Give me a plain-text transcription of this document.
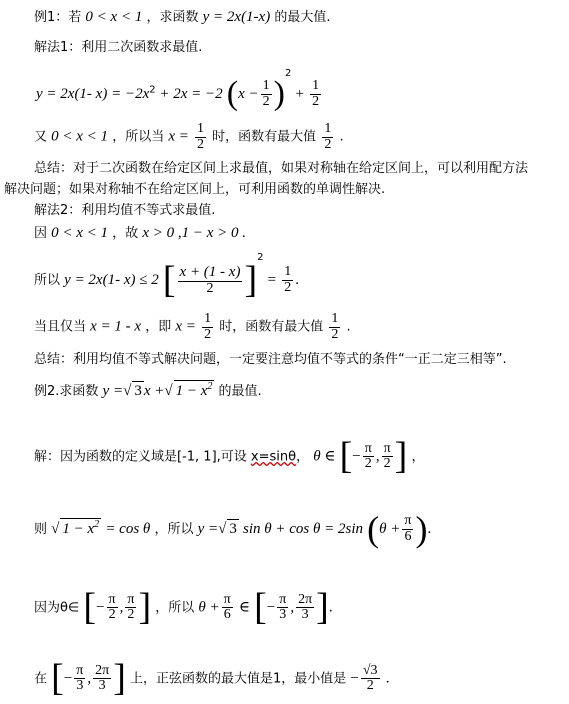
例1：若 0 < x < 1 ，求函数 y = 2x(1-x) 的最大值.
解法1：利用二次函数求最值.
y = 2x(1- $x) = -2x^2 + 2x = -2$ $(x - \frac{1}{2} )^2 + \frac{1}{2}$
又 0 < x < 1 ，所以当 $x = \frac{1}{2}$ 时，函数有最大值 $\frac{1}{2}$ .
总结：对于二次函数在给定区间上求最值，如果对称轴在给定区间上，可以利用配方法
解决问题；如果对称轴不在给定区间上，可利用函数的单调性解决.
解法2：利用均值不等式求最值.
因 0 < x < 1 ，故 x > 0 ,1 − x > 0 .
所以 y = 2x(1- x) ≤ 2 [ $\frac{x + (1 - x)}{2} ]^2 = \frac{1}{2}$ .
当且仅当 x = 1 - x ，即 $x = \frac{1}{2}$ 时，函数有最大值 $\frac{1}{2}$ .
总结：利用均值不等式解决问题，一定要注意均值不等式的条件“一正二定三相等”.
例2.求函数 y =√ 3 x +√ $1 - x^2$ 的最值.
解：因为函数的定义域是[-1, 1],可设 x=sinθ， θ ∈ [− $\frac{\pi}{2}$ , $\frac{\pi}{2}$ ] ，
则 √ $1 - x^2 = \cos \theta$ ，所以 y =√ 3 sin θ + cos θ = 2sin ($\theta + \frac{\pi}{6}$ ).
因为θ∈ [− $\frac{\pi}{2}$ , $\frac{\pi}{2}$ ] ，所以 $\theta + \frac{\pi}{6}$ ∈ [− $\frac{\pi}{3}$ , $\frac{2\pi}{3}$ ].
在 [− $\frac{\pi}{3}$ , $\frac{2\pi}{3}$ ] 上，正弦函数的最大值是1，最小值是 − $\frac{√3}{2}$ .
